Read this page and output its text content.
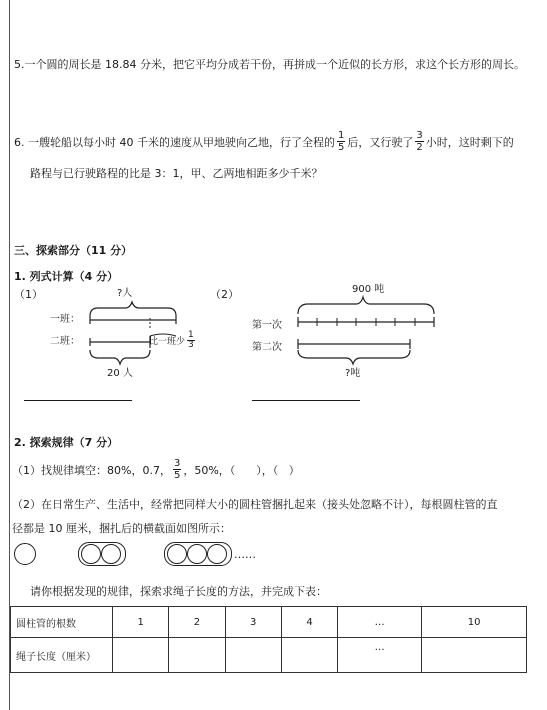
5.一个圆的周长是 18.84 分米，把它平均分成若干份，再拼成一个近似的长方形，求这个长方形的周长。
6. 一艘轮船以每小时 40 千米的速度从甲地驶向乙地，行了全程的 $\frac{1}{5}$ 后，又行驶了 $\frac{3}{2}$ 小时，这时剩下的
路程与已行驶路程的比是 3：1，甲、乙两地相距多少千米？
三、探索部分（11 分）
1. 列式计算（4 分）
（1）	（2）
?人
一班：
二班：
20 人
比一班少 $\frac{1}{3}$
900 吨
第一次
第二次
?吨
2. 探索规律（7 分）
（1）找规律填空：80%，0.7， $\frac{3}{5}$ ，50%，（      ），（   ）
（2）在日常生产、生活中，经常把同样大小的圆柱管捆扎起来（接头处忽略不计），每根圆柱管的直
径都是 10 厘米，捆扎后的横截面如图所示：
……
请你根据发现的规律，探索求绳子长度的方法，并完成下表：
圆柱管的根数	1	2	3	4	…	10
绳子长度（厘米）					…	
